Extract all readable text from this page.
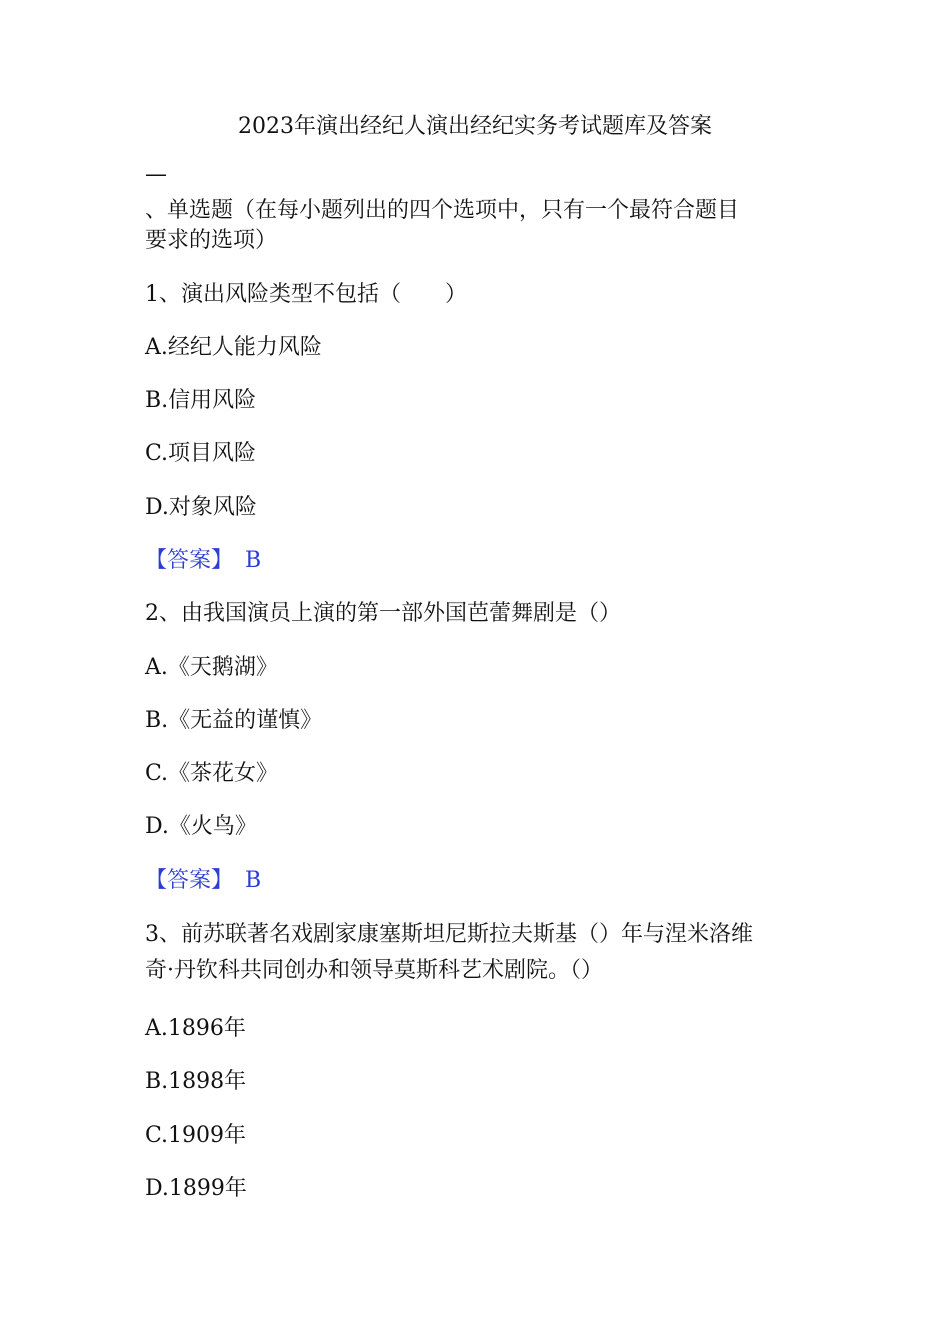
2023年演出经纪人演出经纪实务考试题库及答案
—
、单选题（在每小题列出的四个选项中，只有一个最符合题目
要求的选项）
1、演出风险类型不包括（　　）
A.经纪人能力风险
B.信用风险
C.项目风险
D.对象风险
【答案】 B
2、由我国演员上演的第一部外国芭蕾舞剧是（）
A.《天鹅湖》
B.《无益的谨慎》
C.《茶花女》
D.《火鸟》
【答案】 B
3、前苏联著名戏剧家康塞斯坦尼斯拉夫斯基（）年与涅米洛维
奇·丹钦科共同创办和领导莫斯科艺术剧院。（）
A.1896年
B.1898年
C.1909年
D.1899年
